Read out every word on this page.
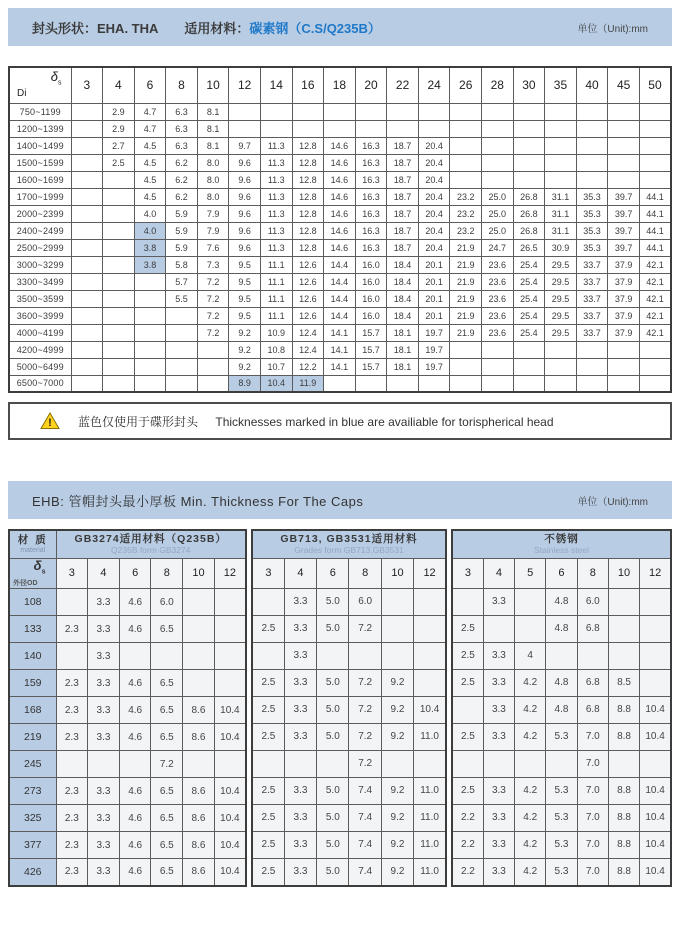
封头形状：EHA. THA 适用材料： 碳素钢（C.S/Q235B）	单位（Unit):mm
$\delta_s$
Di	3	4	6	8	10	12	14	16	18	20	22	24	26	28	30	35	40	45	50
750~1199		2.9	4.7	6.3	8.1														
1200~1399		2.9	4.7	6.3	8.1														
1400~1499		2.7	4.5	6.3	8.1	9.7	11.3	12.8	14.6	16.3	18.7	20.4							
1500~1599		2.5	4.5	6.2	8.0	9.6	11.3	12.8	14.6	16.3	18.7	20.4							
1600~1699			4.5	6.2	8.0	9.6	11.3	12.8	14.6	16.3	18.7	20.4							
1700~1999			4.5	6.2	8.0	9.6	11.3	12.8	14.6	16.3	18.7	20.4	23.2	25.0	26.8	31.1	35.3	39.7	44.1
2000~2399			4.0	5.9	7.9	9.6	11.3	12.8	14.6	16.3	18.7	20.4	23.2	25.0	26.8	31.1	35.3	39.7	44.1
2400~2499			4.0	5.9	7.9	9.6	11.3	12.8	14.6	16.3	18.7	20.4	23.2	25.0	26.8	31.1	35.3	39.7	44.1
2500~2999			3.8	5.9	7.6	9.6	11.3	12.8	14.6	16.3	18.7	20.4	21.9	24.7	26.5	30.9	35.3	39.7	44.1
3000~3299			3.8	5.8	7.3	9.5	11.1	12.6	14.4	16.0	18.4	20.1	21.9	23.6	25.4	29.5	33.7	37.9	42.1
3300~3499				5.7	7.2	9.5	11.1	12.6	14.4	16.0	18.4	20.1	21.9	23.6	25.4	29.5	33.7	37.9	42.1
3500~3599				5.5	7.2	9.5	11.1	12.6	14.4	16.0	18.4	20.1	21.9	23.6	25.4	29.5	33.7	37.9	42.1
3600~3999					7.2	9.5	11.1	12.6	14.4	16.0	18.4	20.1	21.9	23.6	25.4	29.5	33.7	37.9	42.1
4000~4199					7.2	9.2	10.9	12.4	14.1	15.7	18.1	19.7	21.9	23.6	25.4	29.5	33.7	37.9	42.1
4200~4999						9.2	10.8	12.4	14.1	15.7	18.1	19.7							
5000~6499						9.2	10.7	12.2	14.1	15.7	18.1	19.7							
6500~7000						8.9	10.4	11.9											
! 蓝色仅使用于碟形封头 Thicknesses marked in blue are availiable for torispherical head
EHB: 管帽封头最小厚板 Min. Thickness For The Caps	单位（Unit):mm
材 质
material

GB3274适用材料（Q235B）
Q235B form GB3274

$\delta_s$
外径OD	3	4	6	8	10	12
108		3.3	4.6	6.0		
133	2.3	3.3	4.6	6.5		
140		3.3				
159	2.3	3.3	4.6	6.5		
168	2.3	3.3	4.6	6.5	8.6	10.4
219	2.3	3.3	4.6	6.5	8.6	10.4
245				7.2		
273	2.3	3.3	4.6	6.5	8.6	10.4
325	2.3	3.3	4.6	6.5	8.6	10.4
377	2.3	3.3	4.6	6.5	8.6	10.4
426	2.3	3.3	4.6	6.5	8.6	10.4
GB713, GB3531适用材料
Grades form GB713,GB3531					

3	4	6	8	10	12
	3.3	5.0	6.0		
2.5	3.3	5.0	7.2		
	3.3				
2.5	3.3	5.0	7.2	9.2	
2.5	3.3	5.0	7.2	9.2	10.4
2.5	3.3	5.0	7.2	9.2	11.0
			7.2		
2.5	3.3	5.0	7.4	9.2	11.0
2.5	3.3	5.0	7.4	9.2	11.0
2.5	3.3	5.0	7.4	9.2	11.0
2.5	3.3	5.0	7.4	9.2	11.0
不锈钢
Stainless steel						

3	4	5	6	8	10	12
	3.3		4.8	6.0		
2.5			4.8	6.8		
2.5	3.3	4				
2.5	3.3	4.2	4.8	6.8	8.5	
	3.3	4.2	4.8	6.8	8.8	10.4
2.5	3.3	4.2	5.3	7.0	8.8	10.4
				7.0		
2.5	3.3	4.2	5.3	7.0	8.8	10.4
2.2	3.3	4.2	5.3	7.0	8.8	10.4
2.2	3.3	4.2	5.3	7.0	8.8	10.4
2.2	3.3	4.2	5.3	7.0	8.8	10.4
